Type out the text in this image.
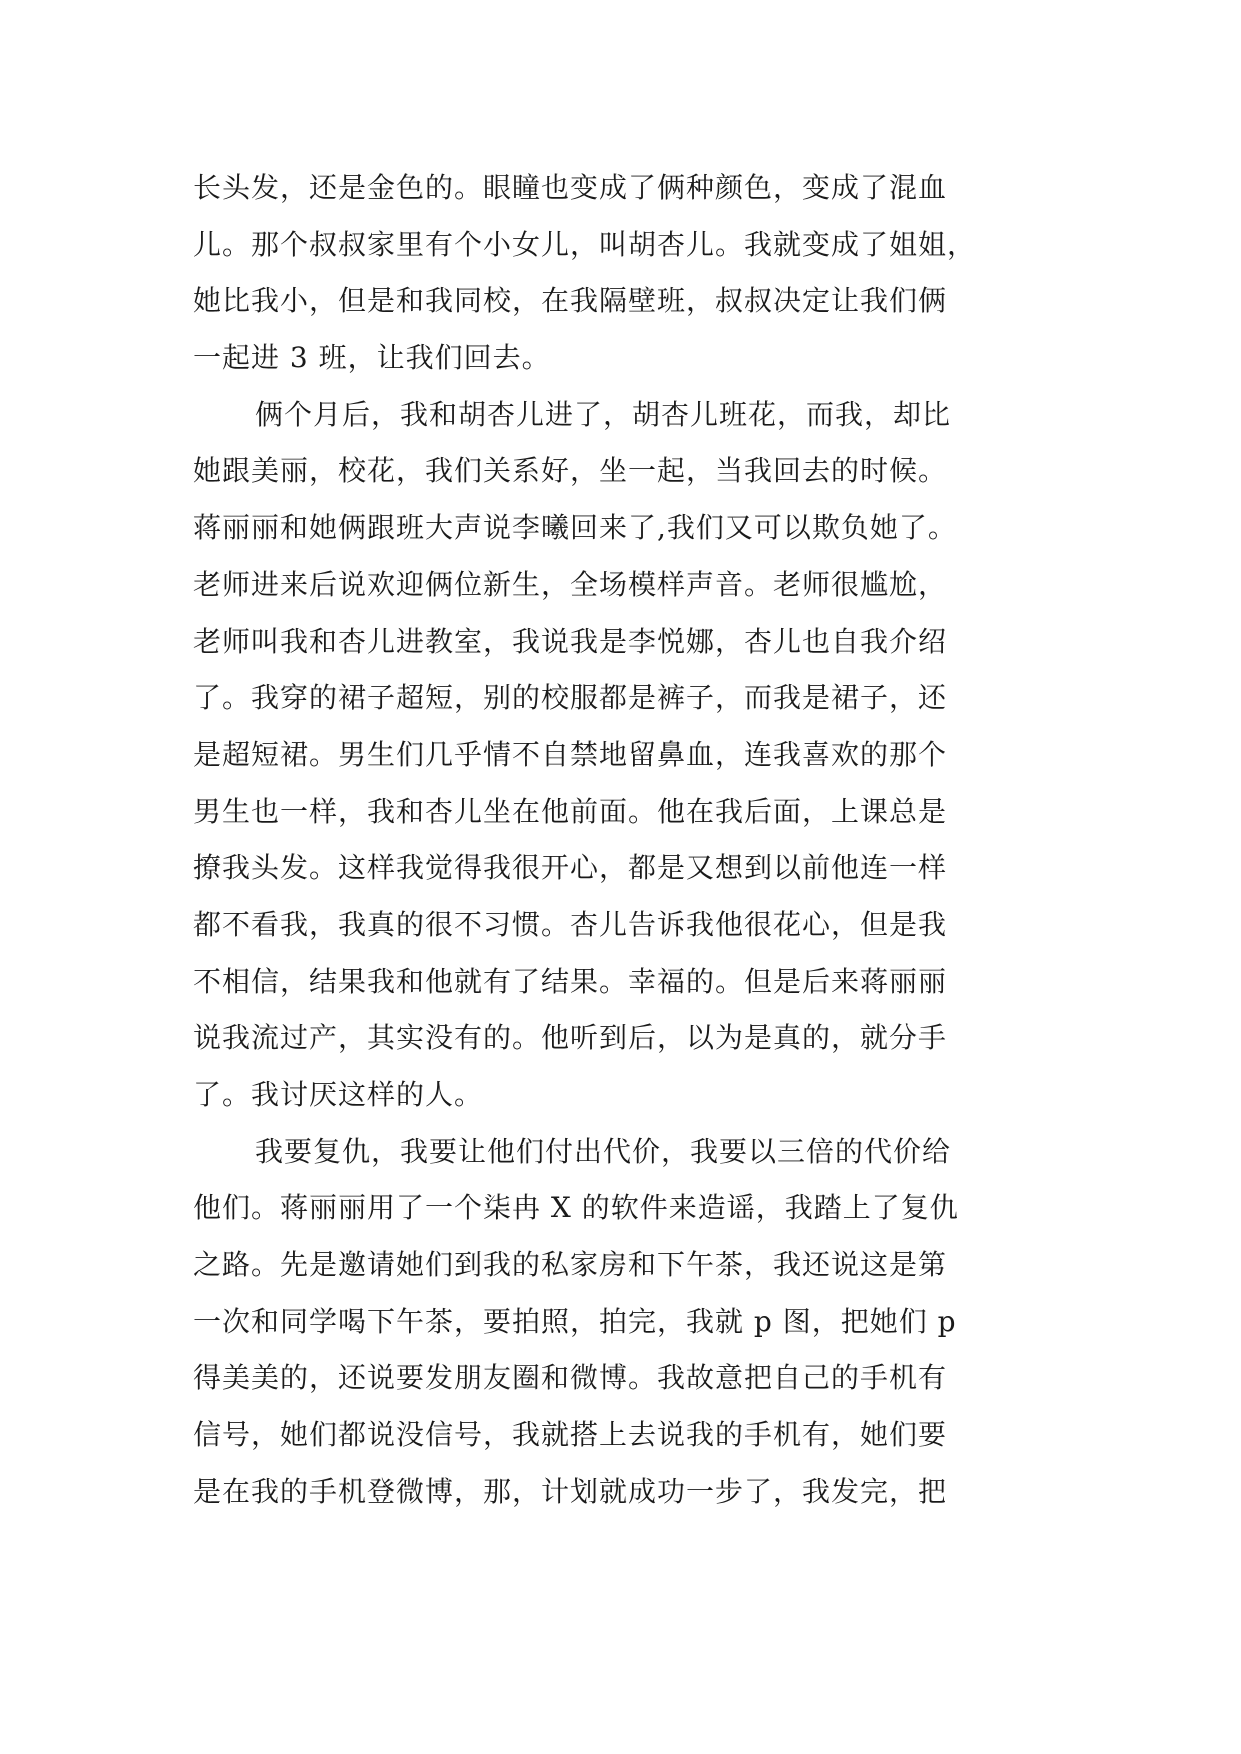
长头发，还是金色的。眼瞳也变成了俩种颜色，变成了混血
儿。那个叔叔家里有个小女儿，叫胡杏儿。我就变成了姐姐，
她比我小，但是和我同校，在我隔壁班，叔叔决定让我们俩
一起进 3 班，让我们回去。
俩个月后，我和胡杏儿进了，胡杏儿班花，而我，却比
她跟美丽，校花，我们关系好，坐一起，当我回去的时候。
蒋丽丽和她俩跟班大声说李曦回来了,我们又可以欺负她了。
老师进来后说欢迎俩位新生，全场模样声音。老师很尴尬，
老师叫我和杏儿进教室，我说我是李悦娜，杏儿也自我介绍
了。我穿的裙子超短，别的校服都是裤子，而我是裙子，还
是超短裙。男生们几乎情不自禁地留鼻血，连我喜欢的那个
男生也一样，我和杏儿坐在他前面。他在我后面，上课总是
撩我头发。这样我觉得我很开心，都是又想到以前他连一样
都不看我，我真的很不习惯。杏儿告诉我他很花心，但是我
不相信，结果我和他就有了结果。幸福的。但是后来蒋丽丽
说我流过产，其实没有的。他听到后，以为是真的，就分手
了。我讨厌这样的人。
我要复仇，我要让他们付出代价，我要以三倍的代价给
他们。蒋丽丽用了一个柒冉 X 的软件来造谣，我踏上了复仇
之路。先是邀请她们到我的私家房和下午茶，我还说这是第
一次和同学喝下午茶，要拍照，拍完，我就 p 图，把她们 p
得美美的，还说要发朋友圈和微博。我故意把自己的手机有
信号，她们都说没信号，我就搭上去说我的手机有，她们要
是在我的手机登微博，那，计划就成功一步了，我发完，把
